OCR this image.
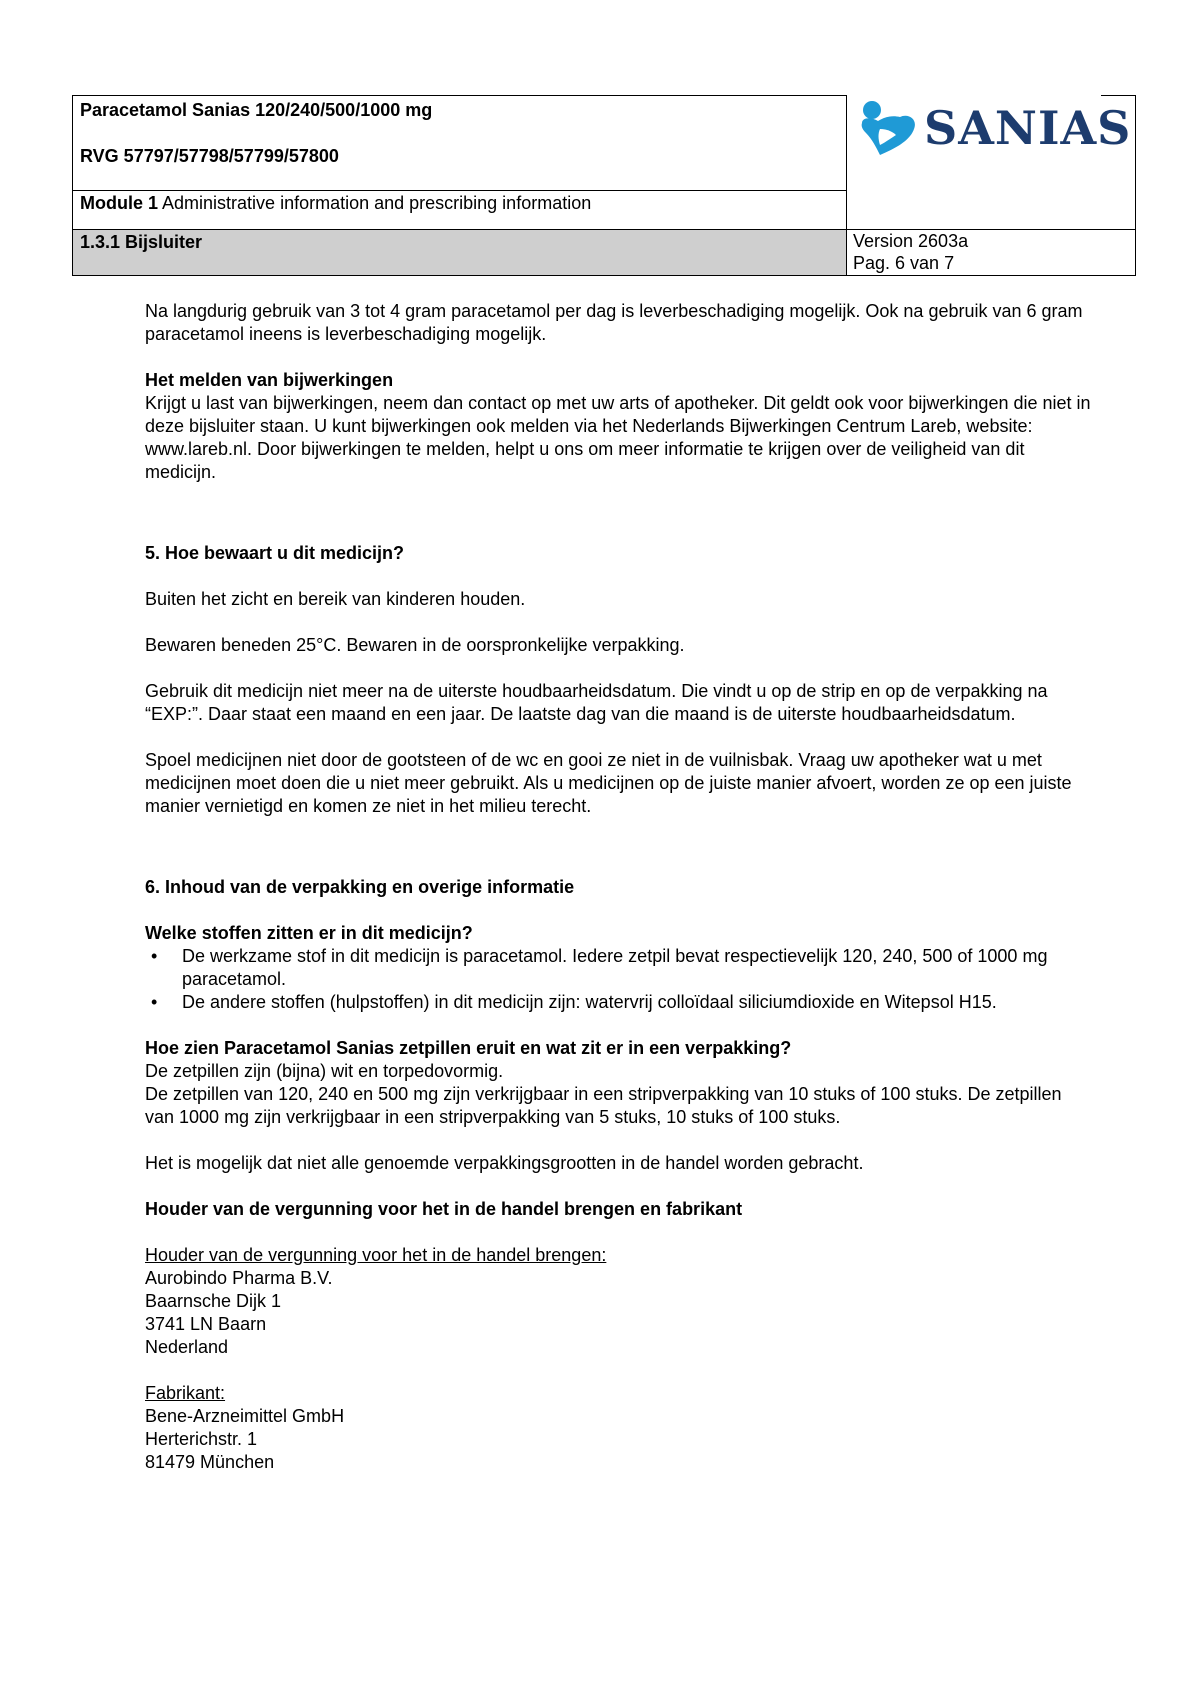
Paracetamol Sanias 120/240/500/1000 mg
RVG 57797/57798/57799/57800
Module 1 Administrative information and prescribing information
1.3.1 Bijsluiter	Version 2603a
Pag. 6 van 7
SANIAS

Na langdurig gebruik van 3 tot 4 gram paracetamol per dag is leverbeschadiging mogelijk. Ook na gebruik van 6 gram paracetamol ineens is leverbeschadiging mogelijk.

Het melden van bijwerkingen

Krijgt u last van bijwerkingen, neem dan contact op met uw arts of apotheker. Dit geldt ook voor bijwerkingen die niet in deze bijsluiter staan. U kunt bijwerkingen ook melden via het Nederlands Bijwerkingen Centrum Lareb, website: www.lareb.nl. Door bijwerkingen te melden, helpt u ons om meer informatie te krijgen over de veiligheid van dit medicijn.

5. Hoe bewaart u dit medicijn?

Buiten het zicht en bereik van kinderen houden.

Bewaren beneden 25°C. Bewaren in de oorspronkelijke verpakking.

Gebruik dit medicijn niet meer na de uiterste houdbaarheidsdatum. Die vindt u op de strip en op de verpakking na “EXP:”. Daar staat een maand en een jaar. De laatste dag van die maand is de uiterste houdbaarheidsdatum.

Spoel medicijnen niet door de gootsteen of de wc en gooi ze niet in de vuilnisbak. Vraag uw apotheker wat u met medicijnen moet doen die u niet meer gebruikt. Als u medicijnen op de juiste manier afvoert, worden ze op een juiste manier vernietigd en komen ze niet in het milieu terecht.

6. Inhoud van de verpakking en overige informatie

Welke stoffen zitten er in dit medicijn?

• De werkzame stof in dit medicijn is paracetamol. Iedere zetpil bevat respectievelijk 120, 240, 500 of 1000 mg paracetamol.
• De andere stoffen (hulpstoffen) in dit medicijn zijn: watervrij colloïdaal siliciumdioxide en Witepsol H15.

Hoe zien Paracetamol Sanias zetpillen eruit en wat zit er in een verpakking?

De zetpillen zijn (bijna) wit en torpedovormig.

De zetpillen van 120, 240 en 500 mg zijn verkrijgbaar in een stripverpakking van 10 stuks of 100 stuks. De zetpillen van 1000 mg zijn verkrijgbaar in een stripverpakking van 5 stuks, 10 stuks of 100 stuks.

Het is mogelijk dat niet alle genoemde verpakkingsgrootten in de handel worden gebracht.

Houder van de vergunning voor het in de handel brengen en fabrikant

Houder van de vergunning voor het in de handel brengen:

Aurobindo Pharma B.V.

Baarnsche Dijk 1

3741 LN Baarn

Nederland

Fabrikant:

Bene-Arzneimittel GmbH

Herterichstr. 1

81479 München
